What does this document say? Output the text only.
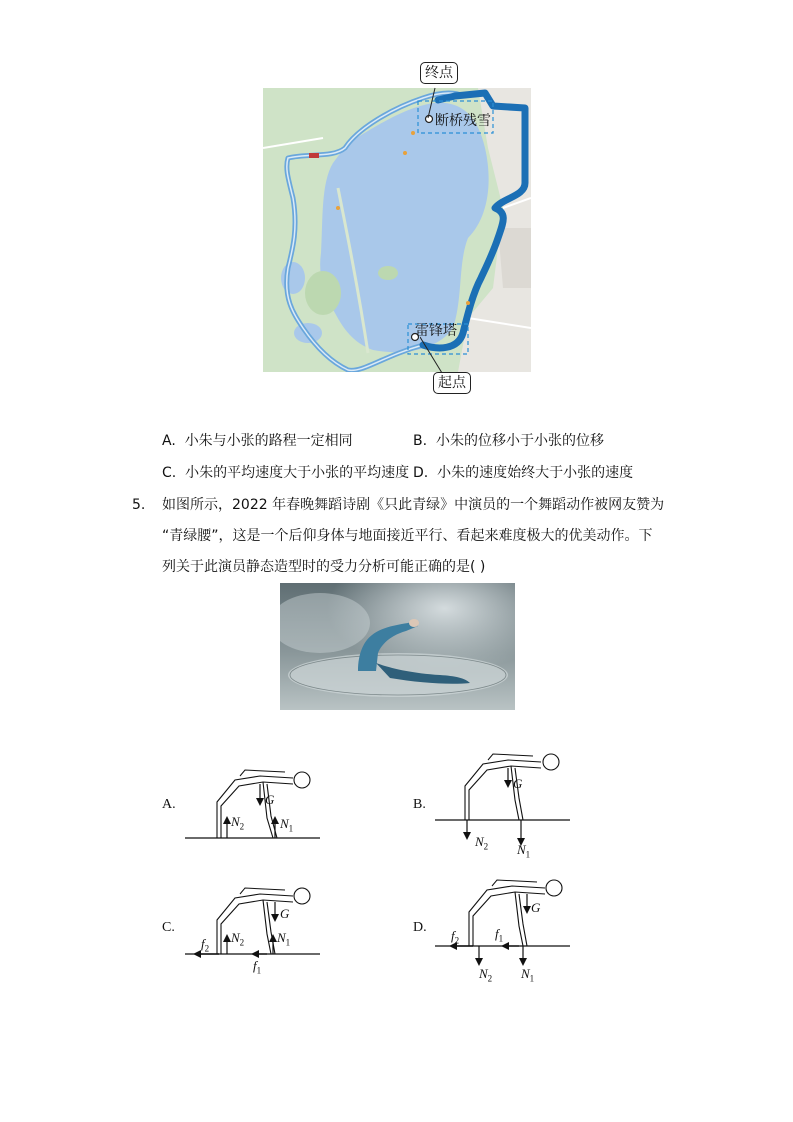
断桥残雪
雷锋塔
终点
起点
A. 小朱与小张的路程一定相同	B. 小朱的位移小于小张的位移
C. 小朱的平均速度大于小张的平均速度 D. 小朱的速度始终大于小张的速度
5. 如图所示，2022 年春晚舞蹈诗剧《只此青绿》中演员的一个舞蹈动作被网友赞为
“青绿腰”，这是一个后仰身体与地面接近平行、看起来难度极大的优美动作。下
列关于此演员静态造型时的受力分析可能正确的是( )
A.	G
$N_2$	$N_1$
B.
G
$N_2$ $N_1$
C.
G
$N_2$	$N_1$
$f_2$
$f_1$
D.
G
$N_2$ $N_1$
$f_2$	$f_1$
